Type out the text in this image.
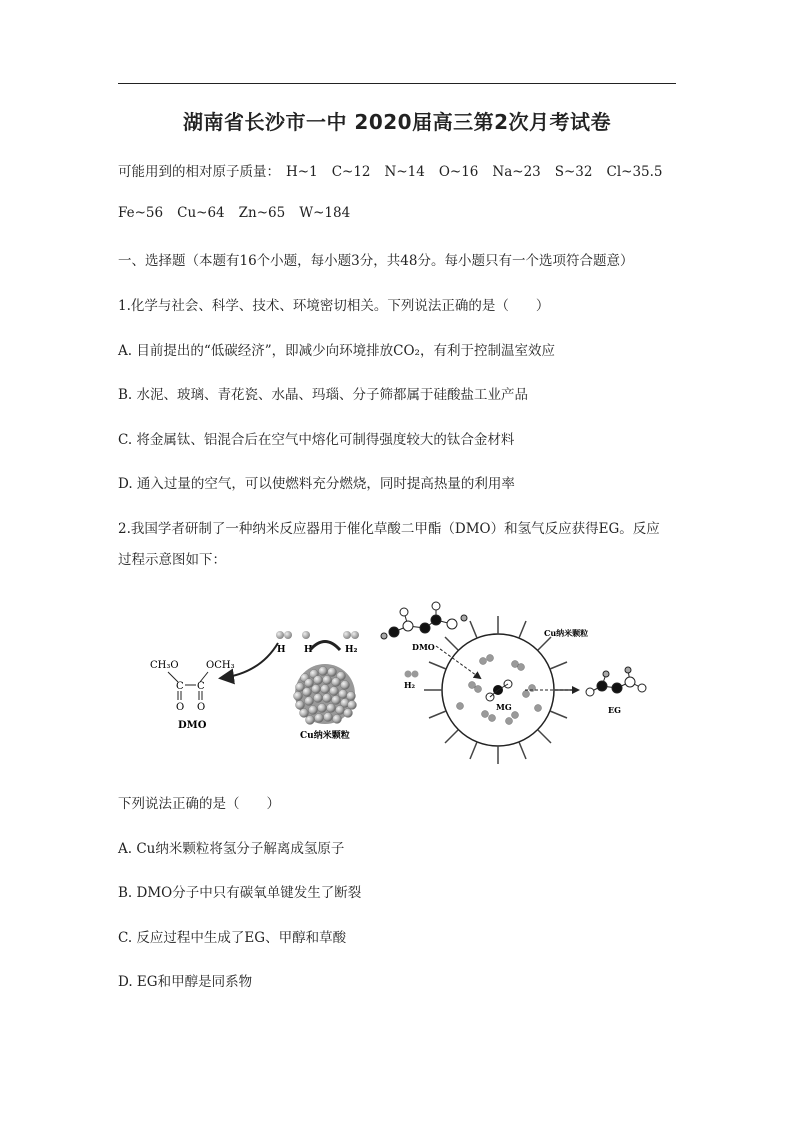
湖南省长沙市一中 2020届高三第2次月考试卷
可能用到的相对原子质量： H~1 C~12 N~14 O~16 Na~23 S~32 Cl~35.5
Fe~56 Cu~64 Zn~65 W~184
一、选择题（本题有16个小题，每小题3分，共48分。每小题只有一个选项符合题意）
1.化学与社会、科学、技术、环境密切相关。下列说法正确的是（　　）
A. 目前提出的“低碳经济”，即减少向环境排放CO₂，有利于控制温室效应
B. 水泥、玻璃、青花瓷、水晶、玛瑙、分子筛都属于硅酸盐工业产品
C. 将金属钛、铝混合后在空气中熔化可制得强度较大的钛合金材料
D. 通入过量的空气，可以使燃料充分燃烧，同时提高热量的利用率
2.我国学者研制了一种纳米反应器用于催化草酸二甲酯（DMO）和氢气反应获得EG。反应
过程示意图如下：
CH₃O	OCH₃
C C
O O
DMO
H H	H₂
Cu纳米颗粒
MG
Cu纳米颗粒
DMO
H₂
EG
下列说法正确的是（　　）
A. Cu纳米颗粒将氢分子解离成氢原子
B. DMO分子中只有碳氧单键发生了断裂
C. 反应过程中生成了EG、甲醇和草酸
D. EG和甲醇是同系物
